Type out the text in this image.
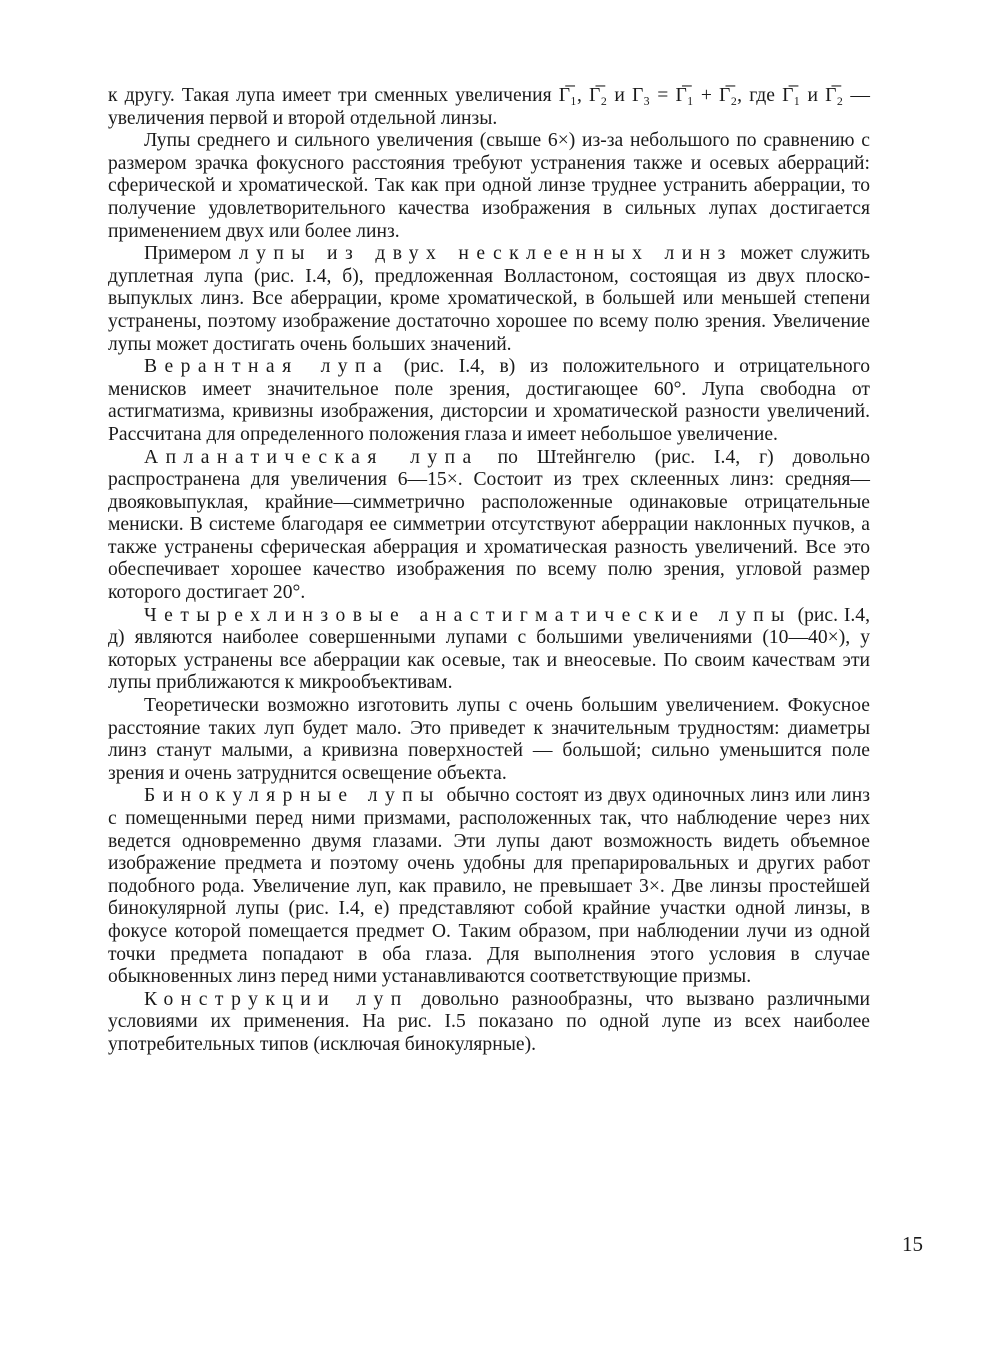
к другу. Такая лупа имеет три сменных увеличения Г̅₁, Г̅₂ и Г₃ = Г̅₁ + Г̅₂, где Г̅₁ и Г̅₂ — увеличения первой и второй отдельной линзы.

Лупы среднего и сильного увеличения (свыше 6×) из-за небольшого по сравнению с размером зрачка фокусного расстояния требуют устранения также и осевых аберраций: сферической и хроматической. Так как при одной линзе труднее устранить аберрации, то получение удовлетворительного качества изображения в сильных лупах достигается применением двух или более линз.

Примером лупы из двух несклеенных линз может служить дуплетная лупа (рис. I.4, б), предложенная Волластоном, состоящая из двух плоско-выпуклых линз. Все аберрации, кроме хроматической, в большей или меньшей степени устранены, поэтому изображение достаточно хорошее по всему полю зрения. Увеличение лупы может достигать очень больших значений.

Верантная лупа (рис. I.4, в) из положительного и отрицательного менисков имеет значительное поле зрения, достигающее 60°. Лупа свободна от астигматизма, кривизны изображения, дисторсии и хроматической разности увеличений. Рассчитана для определенного положения глаза и имеет небольшое увеличение.

Апланатическая лупа по Штейнгелю (рис. I.4, г) довольно распространена для увеличения 6—15×. Состоит из трех склеенных линз: средняя—двояковыпуклая, крайние—симметрично расположенные одинаковые отрицательные мениски. В системе благодаря ее симметрии отсутствуют аберрации наклонных пучков, а также устранены сферическая аберрация и хроматическая разность увеличений. Все это обеспечивает хорошее качество изображения по всему полю зрения, угловой размер которого достигает 20°.

Четырехлинзовые анастигматические лупы (рис. I.4, д) являются наиболее совершенными лупами с большими увеличениями (10—40×), у которых устранены все аберрации как осевые, так и внеосевые. По своим качествам эти лупы приближаются к микрообъективам.

Теоретически возможно изготовить лупы с очень большим увеличением. Фокусное расстояние таких луп будет мало. Это приведет к значительным трудностям: диаметры линз станут малыми, а кривизна поверхностей — большой; сильно уменьшится поле зрения и очень затруднится освещение объекта.

Бинокулярные лупы обычно состоят из двух одиночных линз или линз с помещенными перед ними призмами, расположенных так, что наблюдение через них ведется одновременно двумя глазами. Эти лупы дают возможность видеть объемное изображение предмета и поэтому очень удобны для препарировальных и других работ подобного рода. Увеличение луп, как правило, не превышает 3×. Две линзы простейшей бинокулярной лупы (рис. I.4, е) представляют собой крайние участки одной линзы, в фокусе которой помещается предмет О. Таким образом, при наблюдении лучи из одной точки предмета попадают в оба глаза. Для выполнения этого условия в случае обыкновенных линз перед ними устанавливаются соответствующие призмы.

Конструкции луп довольно разнообразны, что вызвано различными условиями их применения. На рис. I.5 показано по одной лупе из всех наиболее употребительных типов (исключая бинокулярные).

15
